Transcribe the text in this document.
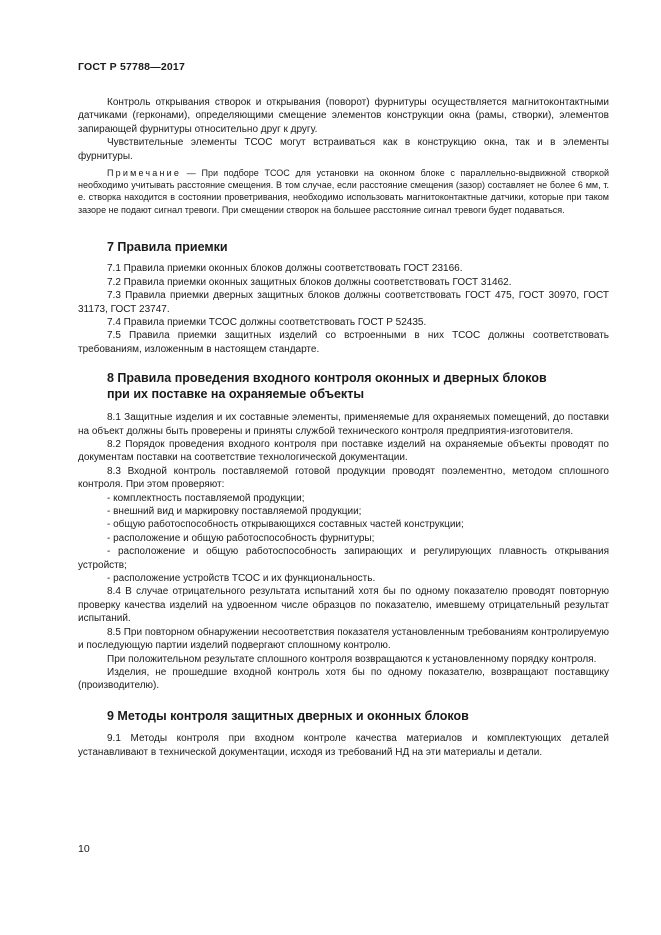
ГОСТ Р 57788—2017

Контроль открывания створок и открывания (поворот) фурнитуры осуществляется магнитоконтактными датчиками (герконами), определяющими смещение элементов конструкции окна (рамы, створки), элементов запирающей фурнитуры относительно друг к другу.

Чувствительные элементы ТСОС могут встраиваться как в конструкцию окна, так и в элементы фурнитуры.

Примечание — При подборе ТСОС для установки на оконном блоке с параллельно-выдвижной створкой необходимо учитывать расстояние смещения. В том случае, если расстояние смещения (зазор) составляет не более 6 мм, т. е. створка находится в состоянии проветривания, необходимо использовать магнитоконтактные датчики, которые при таком зазоре не подают сигнал тревоги. При смещении створок на большее расстояние сигнал тревоги будет подаваться.

7 Правила приемки

7.1 Правила приемки оконных блоков должны соответствовать ГОСТ 23166.

7.2 Правила приемки оконных защитных блоков должны соответствовать ГОСТ 31462.

7.3 Правила приемки дверных защитных блоков должны соответствовать ГОСТ 475, ГОСТ 30970, ГОСТ 31173, ГОСТ 23747.

7.4 Правила приемки ТСОС должны соответствовать ГОСТ Р 52435.

7.5 Правила приемки защитных изделий со встроенными в них ТСОС должны соответствовать требованиям, изложенным в настоящем стандарте.

8 Правила проведения входного контроля оконных и дверных блоков
при их поставке на охраняемые объекты

8.1 Защитные изделия и их составные элементы, применяемые для охраняемых помещений, до поставки на объект должны быть проверены и приняты службой технического контроля предприятия-изготовителя.

8.2 Порядок проведения входного контроля при поставке изделий на охраняемые объекты проводят по документам поставки на соответствие технологической документации.

8.3 Входной контроль поставляемой готовой продукции проводят поэлементно, методом сплошного контроля. При этом проверяют:

- комплектность поставляемой продукции;

- внешний вид и маркировку поставляемой продукции;

- общую работоспособность открывающихся составных частей конструкции;

- расположение и общую работоспособность фурнитуры;

- расположение и общую работоспособность запирающих и регулирующих плавность открывания устройств;

- расположение устройств ТСОС и их функциональность.

8.4 В случае отрицательного результата испытаний хотя бы по одному показателю проводят повторную проверку качества изделий на удвоенном числе образцов по показателю, имевшему отрицательный результат испытаний.

8.5 При повторном обнаружении несоответствия показателя установленным требованиям контролируемую и последующую партии изделий подвергают сплошному контролю.

При положительном результате сплошного контроля возвращаются к установленному порядку контроля.

Изделия, не прошедшие входной контроль хотя бы по одному показателю, возвращают поставщику (производителю).

9 Методы контроля защитных дверных и оконных блоков

9.1 Методы контроля при входном контроле качества материалов и комплектующих деталей устанавливают в технической документации, исходя из требований НД на эти материалы и детали.

10
